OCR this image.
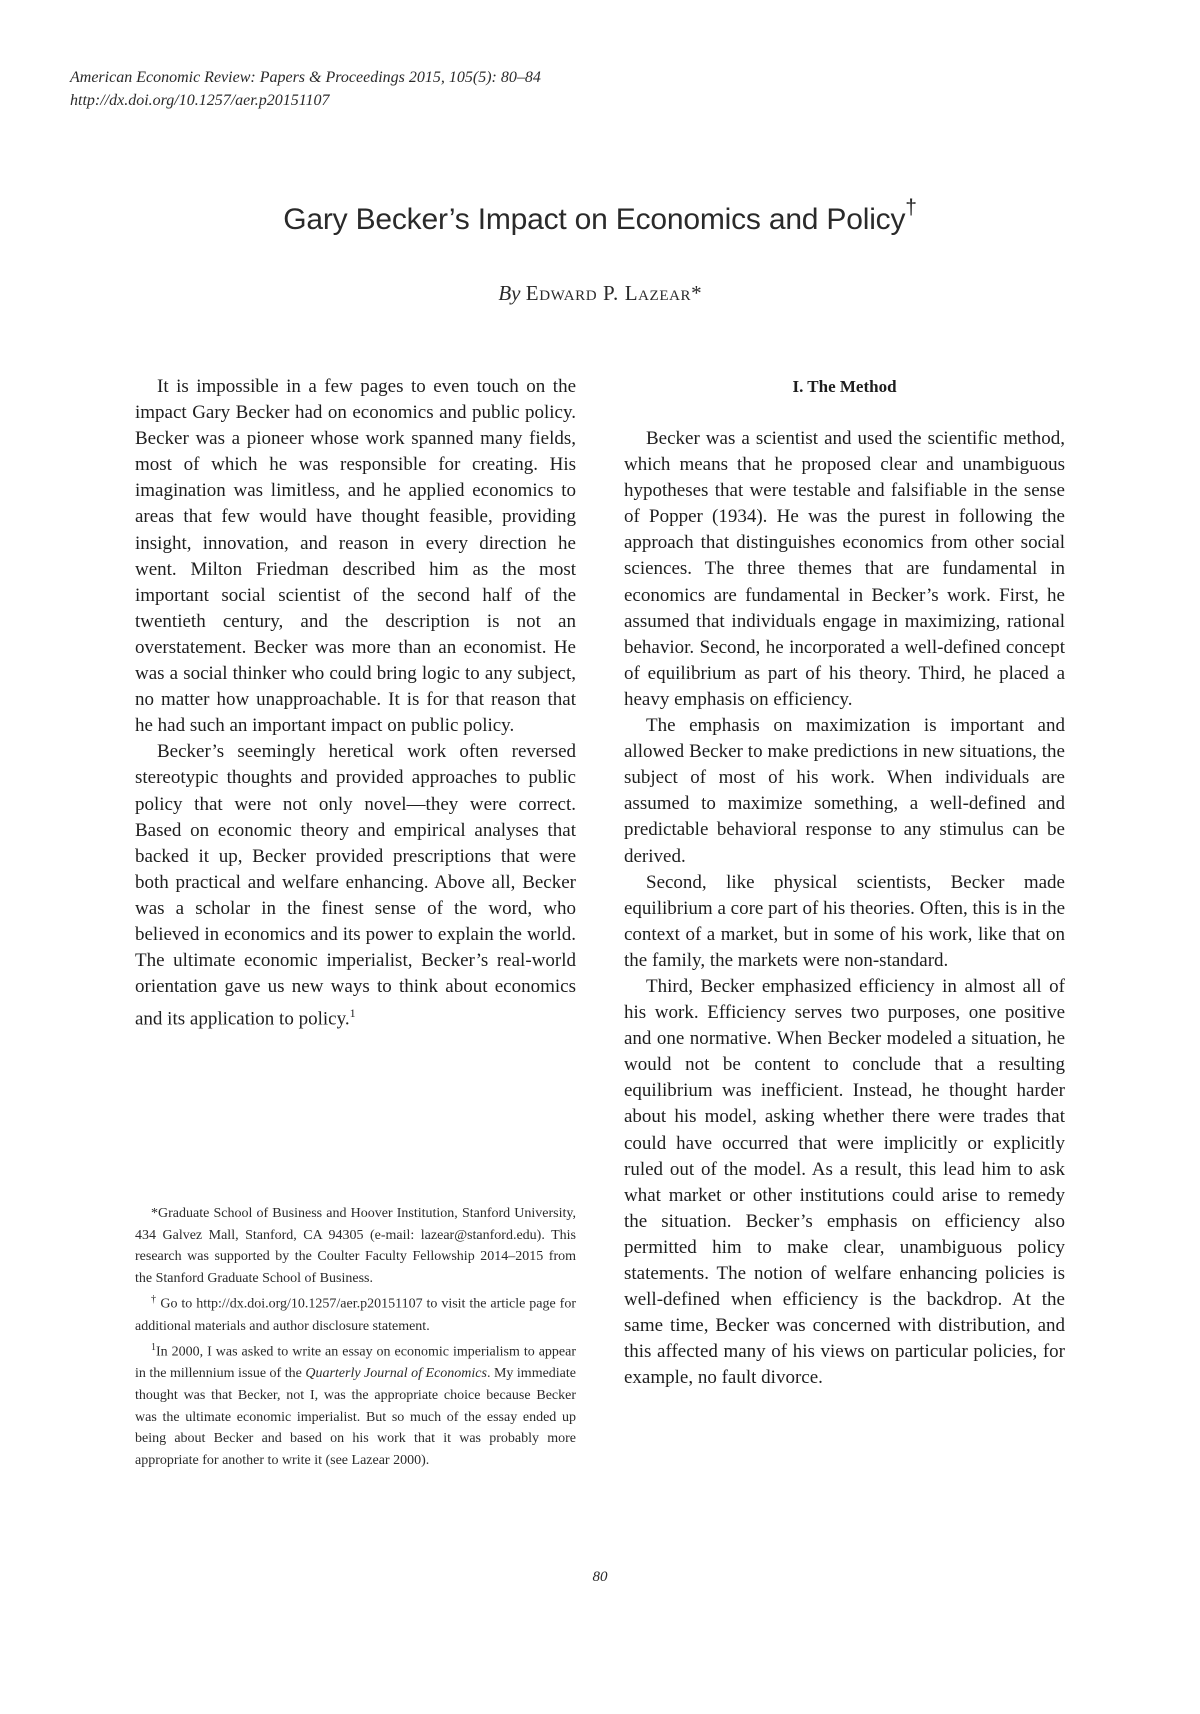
American Economic Review: Papers & Proceedings 2015, 105(5): 80–84
http://dx.doi.org/10.1257/aer.p20151107
Gary Becker’s Impact on Economics and Policy†
By Edward P. Lazear*

It is impossible in a few pages to even touch on the impact Gary Becker had on economics and public policy. Becker was a pioneer whose work spanned many fields, most of which he was responsible for creating. His imagination was limitless, and he applied economics to areas that few would have thought feasible, providing insight, innovation, and reason in every direction he went. Milton Friedman described him as the most important social scientist of the second half of the twentieth century, and the description is not an overstatement. Becker was more than an economist. He was a social thinker who could bring logic to any subject, no matter how unapproachable. It is for that reason that he had such an important impact on public policy.

Becker’s seemingly heretical work often reversed stereotypic thoughts and provided approaches to public policy that were not only novel—they were correct. Based on economic theory and empirical analyses that backed it up, Becker provided prescriptions that were both practical and welfare enhancing. Above all, Becker was a scholar in the finest sense of the word, who believed in economics and its power to explain the world. The ultimate economic imperialist, Becker’s real-world orientation gave us new ways to think about economics and its application to policy.$^1$

*Graduate School of Business and Hoover Institution, Stanford University, 434 Galvez Mall, Stanford, CA 94305 (e-mail: lazear@stanford.edu). This research was supported by the Coulter Faculty Fellowship 2014–2015 from the Stanford Graduate School of Business.

† Go to http://dx.doi.org/10.1257/aer.p20151107 to visit the article page for additional materials and author disclosure statement.

$^1$In 2000, I was asked to write an essay on economic imperialism to appear in the millennium issue of the Quarterly Journal of Economics. My immediate thought was that Becker, not I, was the appropriate choice because Becker was the ultimate economic imperialist. But so much of the essay ended up being about Becker and based on his work that it was probably more appropriate for another to write it (see Lazear 2000).

I. The Method

Becker was a scientist and used the scientific method, which means that he proposed clear and unambiguous hypotheses that were testable and falsifiable in the sense of Popper (1934). He was the purest in following the approach that distinguishes economics from other social sciences. The three themes that are fundamental in economics are fundamental in Becker’s work. First, he assumed that individuals engage in maximizing, rational behavior. Second, he incorporated a well-defined concept of equilibrium as part of his theory. Third, he placed a heavy emphasis on efficiency.

The emphasis on maximization is important and allowed Becker to make predictions in new situations, the subject of most of his work. When individuals are assumed to maximize something, a well-defined and predictable behavioral response to any stimulus can be derived.

Second, like physical scientists, Becker made equilibrium a core part of his theories. Often, this is in the context of a market, but in some of his work, like that on the family, the markets were non-standard.

Third, Becker emphasized efficiency in almost all of his work. Efficiency serves two purposes, one positive and one normative. When Becker modeled a situation, he would not be content to conclude that a resulting equilibrium was inefficient. Instead, he thought harder about his model, asking whether there were trades that could have occurred that were implicitly or explicitly ruled out of the model. As a result, this lead him to ask what market or other institutions could arise to remedy the situation. Becker’s emphasis on efficiency also permitted him to make clear, unambiguous policy statements. The notion of welfare enhancing policies is well-defined when efficiency is the backdrop. At the same time, Becker was concerned with distribution, and this affected many of his views on particular policies, for example, no fault divorce.

80
